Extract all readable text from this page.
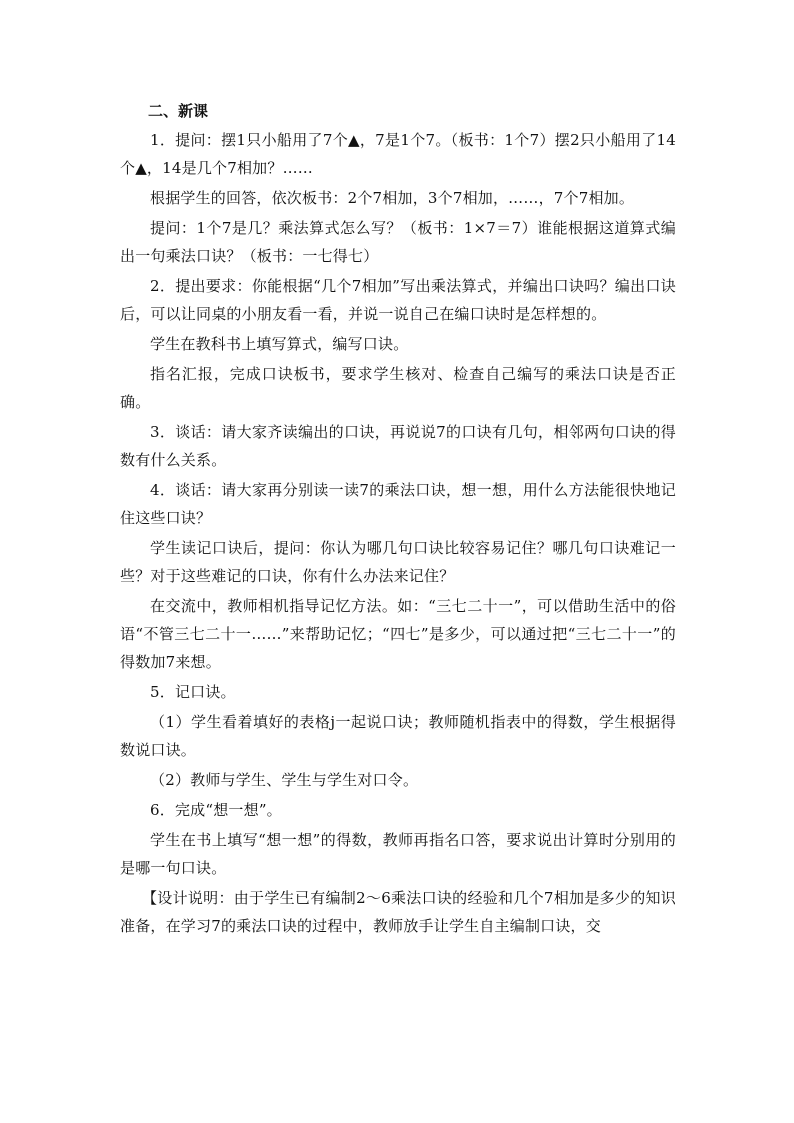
二、新课

1．提问：摆1只小船用了7个▲，7是1个7。（板书：1个7）摆2只小船用了14个▲，14是几个7相加？……

根据学生的回答，依次板书：2个7相加，3个7相加，……，7个7相加。

提问：1个7是几？乘法算式怎么写？（板书：1×7＝7）谁能根据这道算式编出一句乘法口诀？（板书：一七得七）

2．提出要求：你能根据“几个7相加”写出乘法算式，并编出口诀吗？编出口诀后，可以让同桌的小朋友看一看，并说一说自己在编口诀时是怎样想的。

学生在教科书上填写算式，编写口诀。

指名汇报，完成口诀板书，要求学生核对、检查自己编写的乘法口诀是否正确。

3．谈话：请大家齐读编出的口诀，再说说7的口诀有几句，相邻两句口诀的得数有什么关系。

4．谈话：请大家再分别读一读7的乘法口诀，想一想，用什么方法能很快地记住这些口诀？

学生读记口诀后，提问：你认为哪几句口诀比较容易记住？哪几句口诀难记一些？对于这些难记的口诀，你有什么办法来记住？

在交流中，教师相机指导记忆方法。如：“三七二十一”，可以借助生活中的俗语“不管三七二十一……”来帮助记忆；“四七”是多少，可以通过把“三七二十一”的得数加7来想。

5．记口诀。

（1）学生看着填好的表格j一起说口诀；教师随机指表中的得数，学生根据得数说口诀。

（2）教师与学生、学生与学生对口令。

6．完成“想一想”。

学生在书上填写“想一想”的得数，教师再指名口答，要求说出计算时分别用的是哪一句口诀。

【设计说明：由于学生已有编制2～6乘法口诀的经验和几个7相加是多少的知识准备，在学习7的乘法口诀的过程中，教师放手让学生自主编制口诀，交
